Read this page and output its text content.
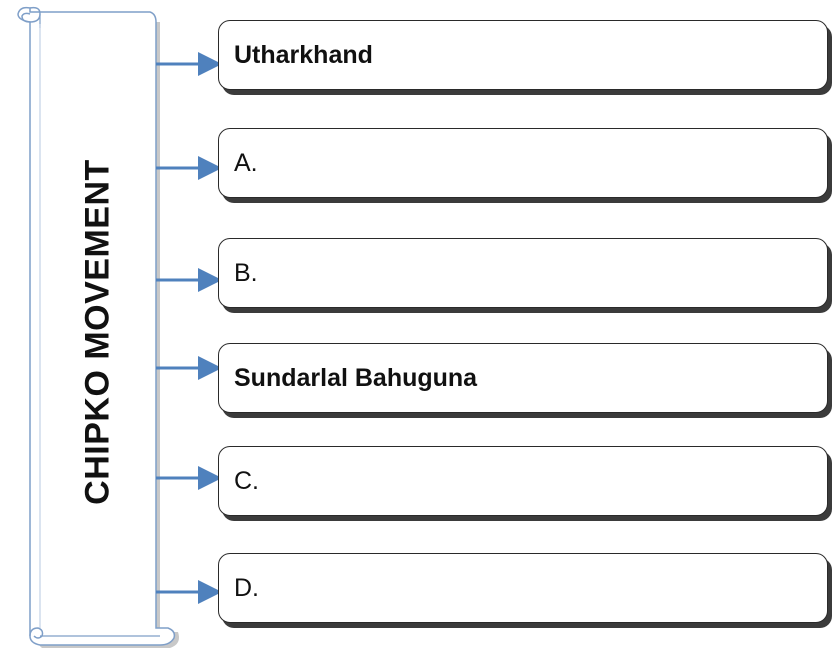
CHIPKO MOVEMENT
Utharkhand
A.
B.
Sundarlal Bahuguna
C.
D.
